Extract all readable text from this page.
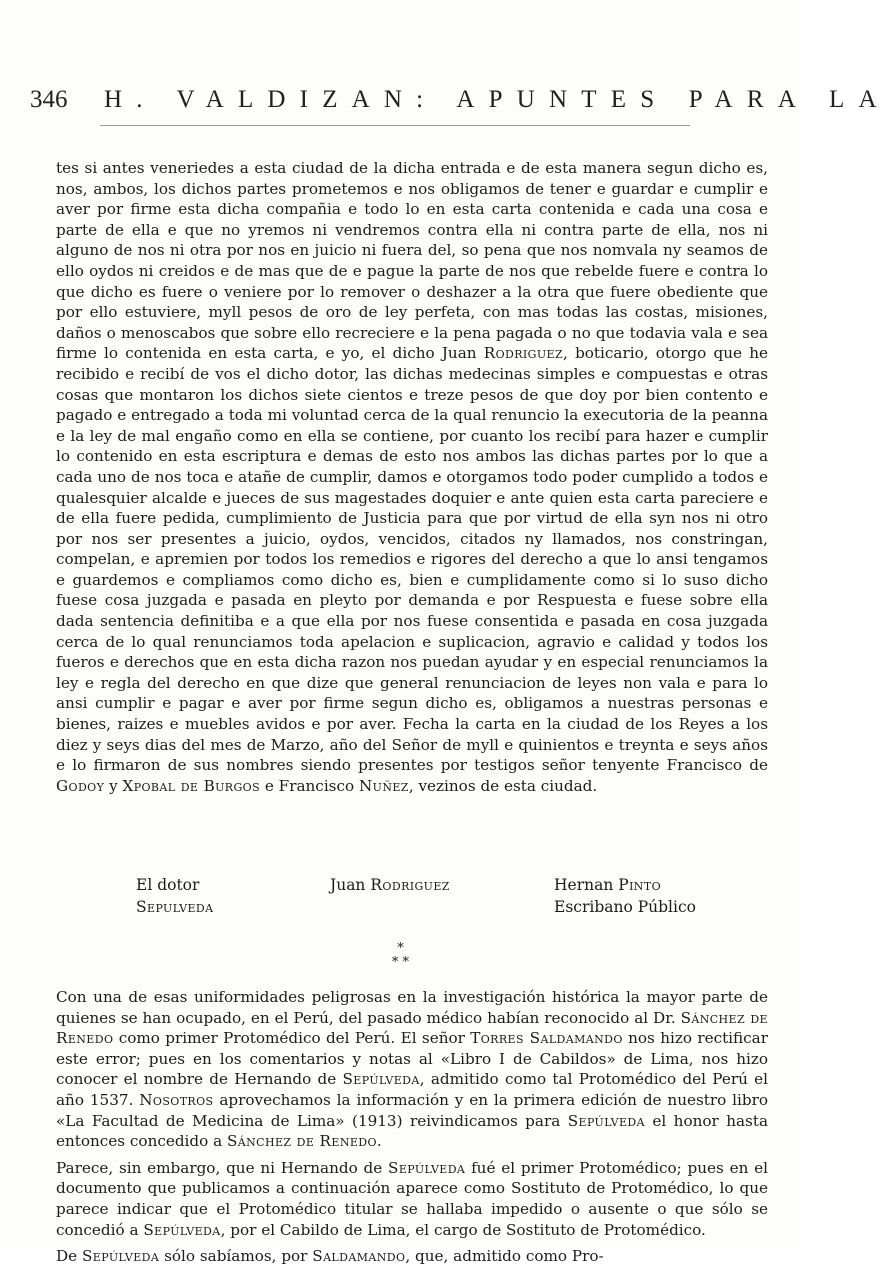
346 H. VALDIZAN: APUNTES PARA LA

tes si antes veneriedes a esta ciudad de la dicha entrada e de esta manera segun dicho es, nos, ambos, los dichos partes prometemos e nos obligamos de tener e guardar e cumplir e aver por firme esta dicha compañia e todo lo en esta carta contenida e cada una cosa e parte de ella e que no yremos ni vendremos contra ella ni contra parte de ella, nos ni alguno de nos ni otra por nos en juicio ni fuera del, so pena que nos nomvala ny seamos de ello oydos ni creidos e de mas que de e pague la parte de nos que rebelde fuere e contra lo que dicho es fuere o veniere por lo remover o deshazer a la otra que fuere obediente que por ello estuviere, myll pesos de oro de ley perfeta, con mas todas las costas, misiones, daños o menoscabos que sobre ello recreciere e la pena pagada o no que todavia vala e sea firme lo contenida en esta carta, e yo, el dicho Juan Rodriguez, boticario, otorgo que he recibido e recibí de vos el dicho dotor, las dichas medecinas simples e compuestas e otras cosas que montaron los dichos siete cientos e treze pesos de que doy por bien contento e pagado e entregado a toda mi voluntad cerca de la qual renuncio la executoria de la peanna e la ley de mal engaño como en ella se contiene, por cuanto los recibí para hazer e cumplir lo contenido en esta escriptura e demas de esto nos ambos las dichas partes por lo que a cada uno de nos toca e atañe de cumplir, damos e otorgamos todo poder cumplido a todos e qualesquier alcalde e jueces de sus magestades doquier e ante quien esta carta pareciere e de ella fuere pedida, cumplimiento de Justicia para que por virtud de ella syn nos ni otro por nos ser presentes a juicio, oydos, vencidos, citados ny llamados, nos constringan, compelan, e apremien por todos los remedios e rigores del derecho a que lo ansi tengamos e guardemos e compliamos como dicho es, bien e cumplidamente como si lo suso dicho fuese cosa juzgada e pasada en pleyto por demanda e por Respuesta e fuese sobre ella dada sentencia definitiba e a que ella por nos fuese consentida e pasada en cosa juzgada cerca de lo qual renunciamos toda apelacion e suplicacion, agravio e calidad y todos los fueros e derechos que en esta dicha razon nos puedan ayudar y en especial renunciamos la ley e regla del derecho en que dize que general renunciacion de leyes non vala e para lo ansi cumplir e pagar e aver por firme segun dicho es, obligamos a nuestras personas e bienes, raizes e muebles avidos e por aver. Fecha la carta en la ciudad de los Reyes a los diez y seys dias del mes de Marzo, año del Señor de myll e quinientos e treynta e seys años e lo firmaron de sus nombres siendo presentes por testigos señor tenyente Francisco de Godoy y Xpobal de Burgos e Francisco Nuñez, vezinos de esta ciudad.

El dotor
Sepulveda
Juan Rodriguez	Hernan Pinto
Escribano Público
*
* *

Con una de esas uniformidades peligrosas en la investigación histórica la mayor parte de quienes se han ocupado, en el Perú, del pasado médico habían reconocido al Dr. Sánchez de Renedo como primer Protomédico del Perú. El señor Torres Saldamando nos hizo rectificar este error; pues en los comentarios y notas al «Libro I de Cabildos» de Lima, nos hizo conocer el nombre de Hernando de Sepúlveda, admitido como tal Protomédico del Perú el año 1537. Nosotros aprovechamos la información y en la primera edición de nuestro libro «La Facultad de Medicina de Lima» (1913) reivindicamos para Sepúlveda el honor hasta entonces concedido a Sánchez de Renedo.

Parece, sin embargo, que ni Hernando de Sepúlveda fué el primer Protomédico; pues en el documento que publicamos a continuación aparece como Sostituto de Protomédico, lo que parece indicar que el Protomédico titular se hallaba impedido o ausente o que sólo se concedió a Sepúlveda, por el Cabildo de Lima, el cargo de Sostituto de Protomédico.

De Sepúlveda sólo sabíamos, por Saldamando, que, admitido como Pro-
